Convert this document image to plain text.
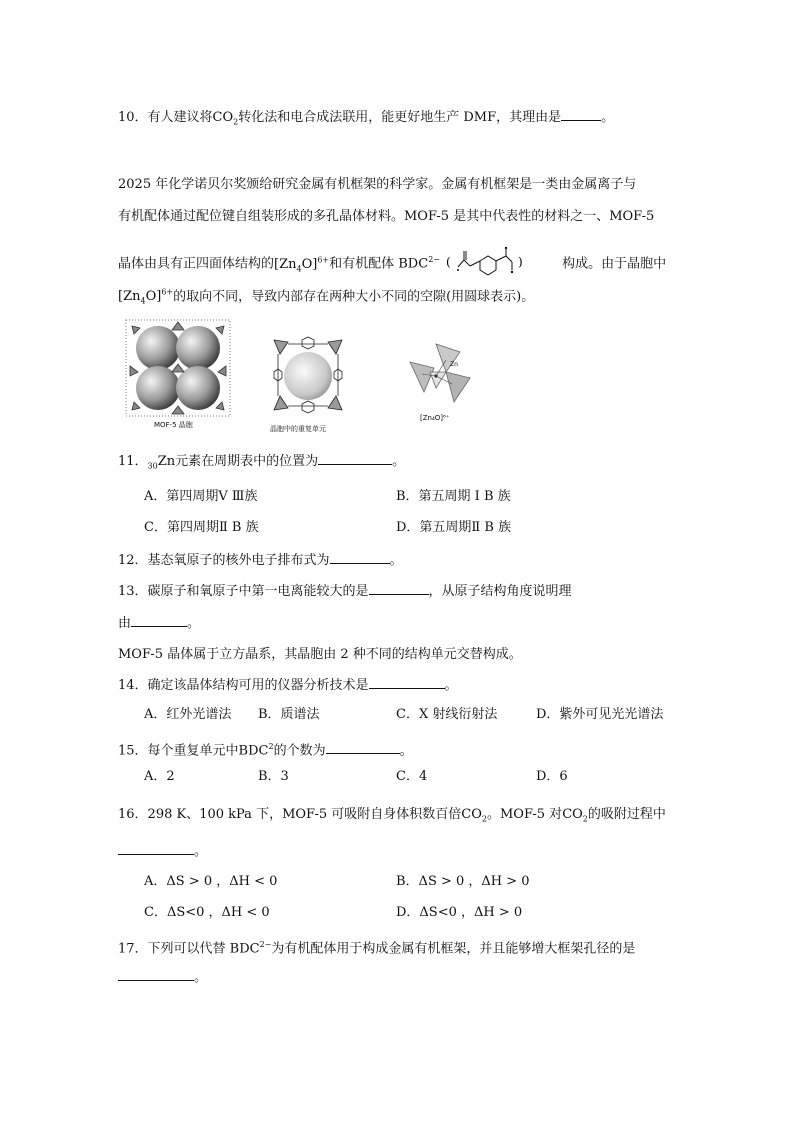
10．有人建议将$CO_2$转化法和电合成法联用，能更好地生产 DMF，其理由是	。
2025 年化学诺贝尔奖颁给研究金属有机框架的科学家。金属有机框架是一类由金属离子与
有机配体通过配位键自组装形成的多孔晶体材料。MOF-5 是其中代表性的材料之一、MOF-5
晶体由具有正四面体结构的$[Zn_4O]^{6+}$和有机配体 $BDC^{2-}$ (	)	构成。由于晶胞中
$[Zn_4O]^{6+}$的取向不同，导致内部存在两种大小不同的空隙(用圆球表示)。
MOF-5 晶胞	晶胞中的重复单元
Zn
[Zn₄O]⁶⁺
11．$_{30}$Zn元素在周期表中的位置为	。
A．第四周期Ⅴ Ⅲ族	B．第五周期 I B 族
C．第四周期Ⅱ B 族	D．第五周期Ⅱ B 族
12．基态氧原子的核外电子排布式为	。
13．碳原子和氧原子中第一电离能较大的是	，从原子结构角度说明理
由	。
MOF-5 晶体属于立方晶系，其晶胞由 2 种不同的结构单元交替构成。
14．确定该晶体结构可用的仪器分析技术是	。
A．红外光谱法 B．质谱法	C．X 射线衍射法	D．紫外可见光光谱法
15．每个重复单元中BDC$^2$的个数为	。
A．2	B．3	C．4	D．6
16．298 K、100 kPa 下，MOF-5 可吸附自身体积数百倍$CO_2$。MOF-5 对$CO_2$的吸附过程中
。
A．ΔS > 0 ，ΔH < 0	B．ΔS > 0 ，ΔH > 0
C．ΔS<0 ，ΔH < 0	D．ΔS<0 ，ΔH > 0
17．下列可以代替 $BDC^{2-}$为有机配体用于构成金属有机框架，并且能够增大框架孔径的是
。
